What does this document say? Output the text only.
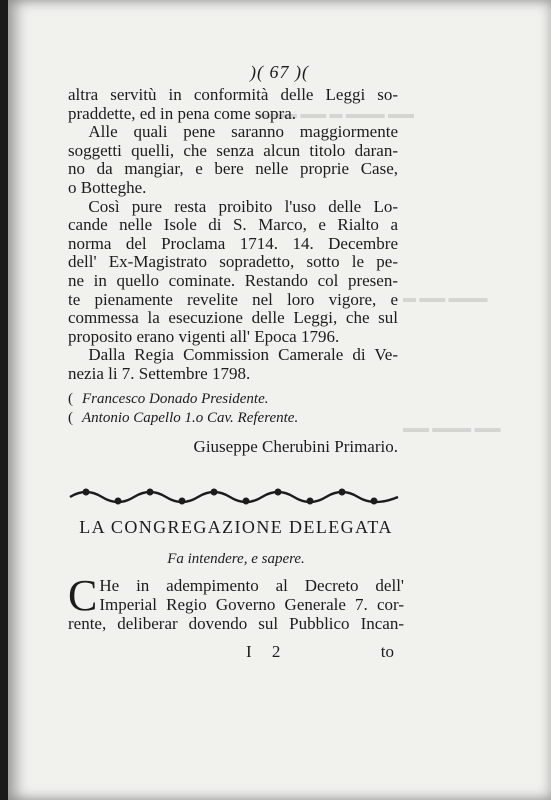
▬▬ ▬▬▬ ▬ ▬▬ ▬▬▬
▬▬▬ ▬▬ ▬
▬▬ ▬▬▬ ▬▬
)( 67 )(

altra servitù in conformità delle Leggi so-
praddette, ed in pena come sopra.

Alle quali pene saranno maggiormente
soggetti quelli, che senza alcun titolo daran-
no da mangiar, e bere nelle proprie Case,
o Botteghe.

Così pure resta proibito l'uso delle Lo-
cande nelle Isole di S. Marco, e Rialto a
norma del Proclama 1714. 14. Decembre
dell' Ex-Magistrato sopradetto, sotto le pe-
ne in quello cominate. Restando col presen-
te pienamente revelite nel loro vigore, e
commessa la esecuzione delle Leggi, che sul
proposito erano vigenti all' Epoca 1796.

Dalla Regia Commission Camerale di Ve-
nezia li 7. Settembre 1798.

( Francesco Donado Presidente.
( Antonio Capello 1.o Cav. Referente.
Giuseppe Cherubini Primario.
LA CONGREGAZIONE DELEGATA
Fa intendere, e sapere.
C He in adempimento al Decreto dell'
Imperial Regio Governo Generale 7. cor-
rente, deliberar dovendo sul Pubblico Incan-
I 2	to
